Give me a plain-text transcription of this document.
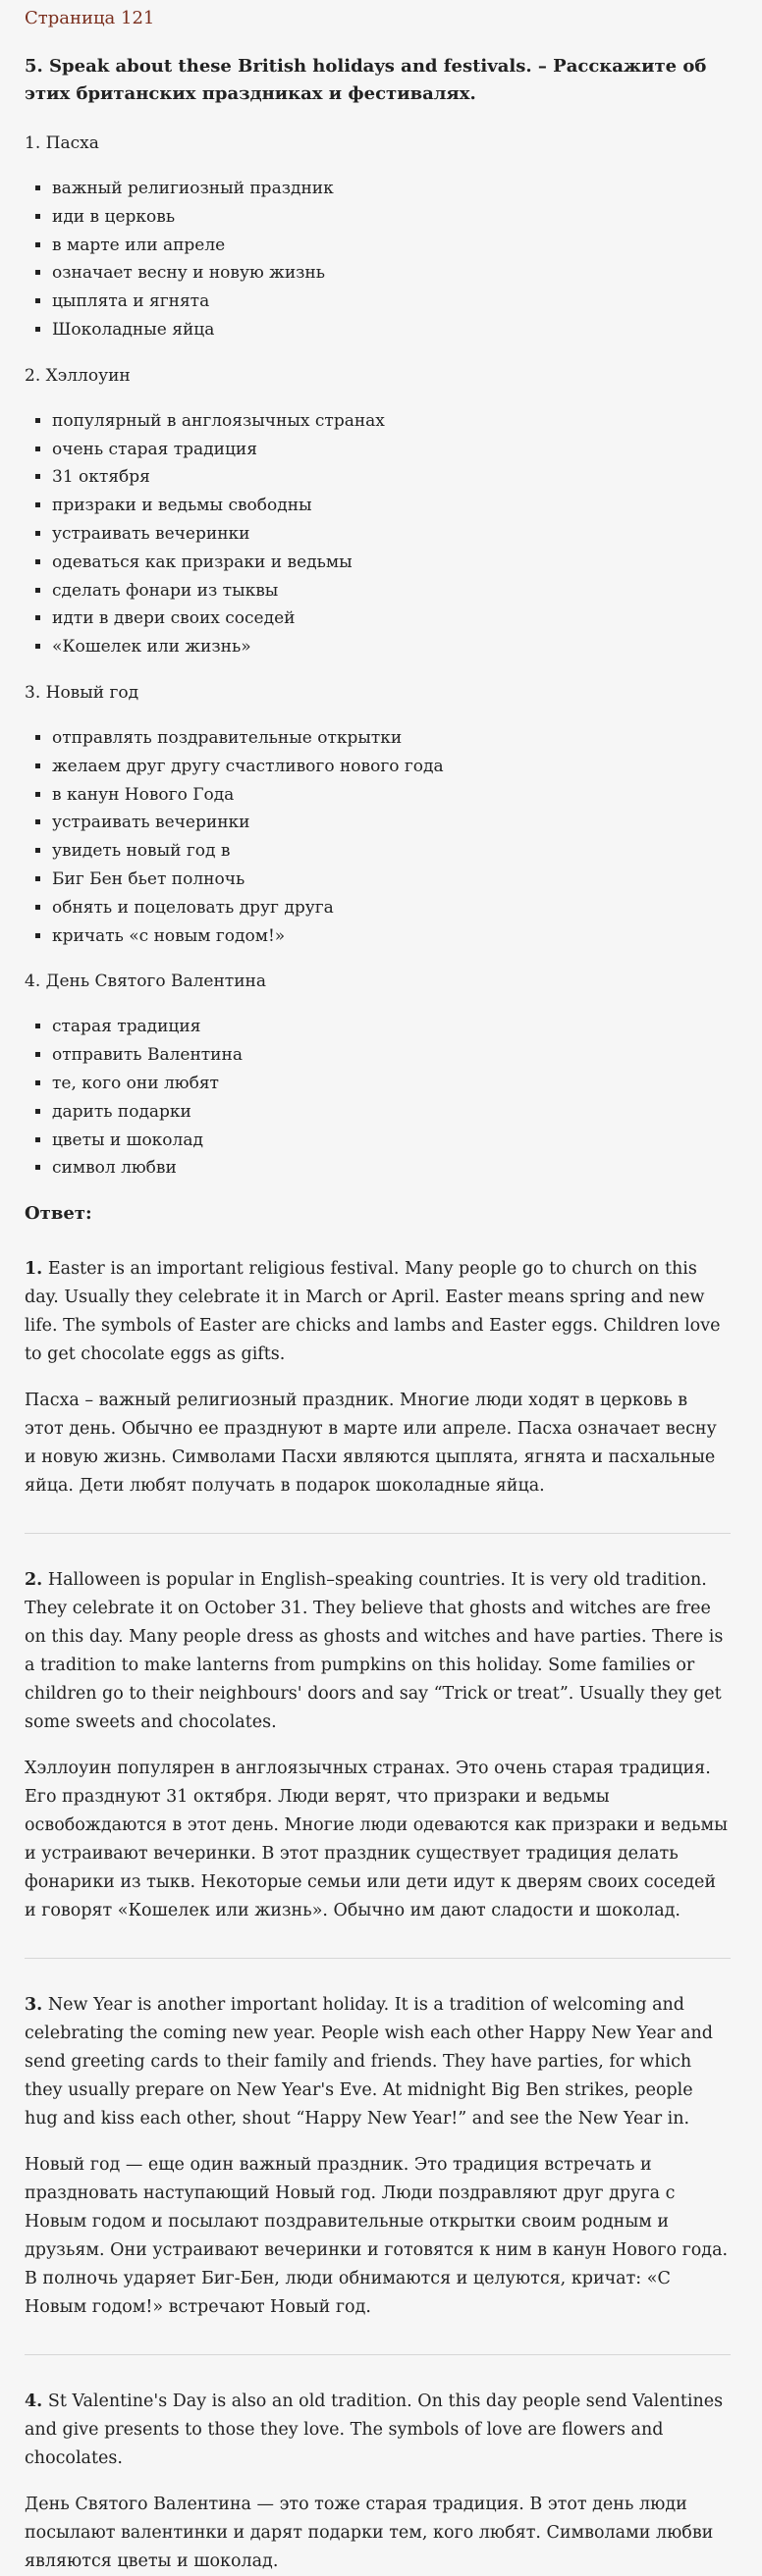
Страница 121

5. Speak about these British holidays and festivals. – Расскажите об этих британских праздниках и фестивалях.

1. Пасха

▪ важный религиозный праздник
▪ иди в церковь
▪ в марте или апреле
▪ означает весну и новую жизнь
▪ цыплята и ягнята
▪ Шоколадные яйца

2. Хэллоуин

▪ популярный в англоязычных странах
▪ очень старая традиция
▪ 31 октября
▪ призраки и ведьмы свободны
▪ устраивать вечеринки
▪ одеваться как призраки и ведьмы
▪ сделать фонари из тыквы
▪ идти в двери своих соседей
▪ «Кошелек или жизнь»

3. Новый год

▪ отправлять поздравительные открытки
▪ желаем друг другу счастливого нового года
▪ в канун Нового Года
▪ устраивать вечеринки
▪ увидеть новый год в
▪ Биг Бен бьет полночь
▪ обнять и поцеловать друг друга
▪ кричать «с новым годом!»

4. День Святого Валентина

▪ старая традиция
▪ отправить Валентина
▪ те, кого они любят
▪ дарить подарки
▪ цветы и шоколад
▪ символ любви

Ответ:

1. Easter is an important religious festival. Many people go to church on this day. Usually they celebrate it in March or April. Easter means spring and new life. The symbols of Easter are chicks and lambs and Easter eggs. Children love to get chocolate eggs as gifts.

Пасха – важный религиозный праздник. Многие люди ходят в церковь в этот день. Обычно ее празднуют в марте или апреле. Пасха означает весну и новую жизнь. Символами Пасхи являются цыплята, ягнята и пасхальные яйца. Дети любят получать в подарок шоколадные яйца.

2. Halloween is popular in English–speaking countries. It is very old tradition. They celebrate it on October 31. They believe that ghosts and witches are free on this day. Many people dress as ghosts and witches and have parties. There is a tradition to make lanterns from pumpkins on this holiday. Some families or children go to their neighbours' doors and say “Trick or treat”. Usually they get some sweets and chocolates.

Хэллоуин популярен в англоязычных странах. Это очень старая традиция. Его празднуют 31 октября. Люди верят, что призраки и ведьмы освобождаются в этот день. Многие люди одеваются как призраки и ведьмы и устраивают вечеринки. В этот праздник существует традиция делать фонарики из тыкв. Некоторые семьи или дети идут к дверям своих соседей и говорят «Кошелек или жизнь». Обычно им дают сладости и шоколад.

3. New Year is another important holiday. It is a tradition of welcoming and celebrating the coming new year. People wish each other Happy New Year and send greeting cards to their family and friends. They have parties, for which they usually prepare on New Year's Eve. At midnight Big Ben strikes, people hug and kiss each other, shout “Happy New Year!” and see the New Year in.

Новый год — еще один важный праздник. Это традиция встречать и праздновать наступающий Новый год. Люди поздравляют друг друга с Новым годом и посылают поздравительные открытки своим родным и друзьям. Они устраивают вечеринки и готовятся к ним в канун Нового года. В полночь ударяет Биг-Бен, люди обнимаются и целуются, кричат: «С Новым годом!» встречают Новый год.

4. St Valentine's Day is also an old tradition. On this day people send Valentines and give presents to those they love. The symbols of love are flowers and chocolates.

День Святого Валентина — это тоже старая традиция. В этот день люди посылают валентинки и дарят подарки тем, кого любят. Символами любви являются цветы и шоколад.
